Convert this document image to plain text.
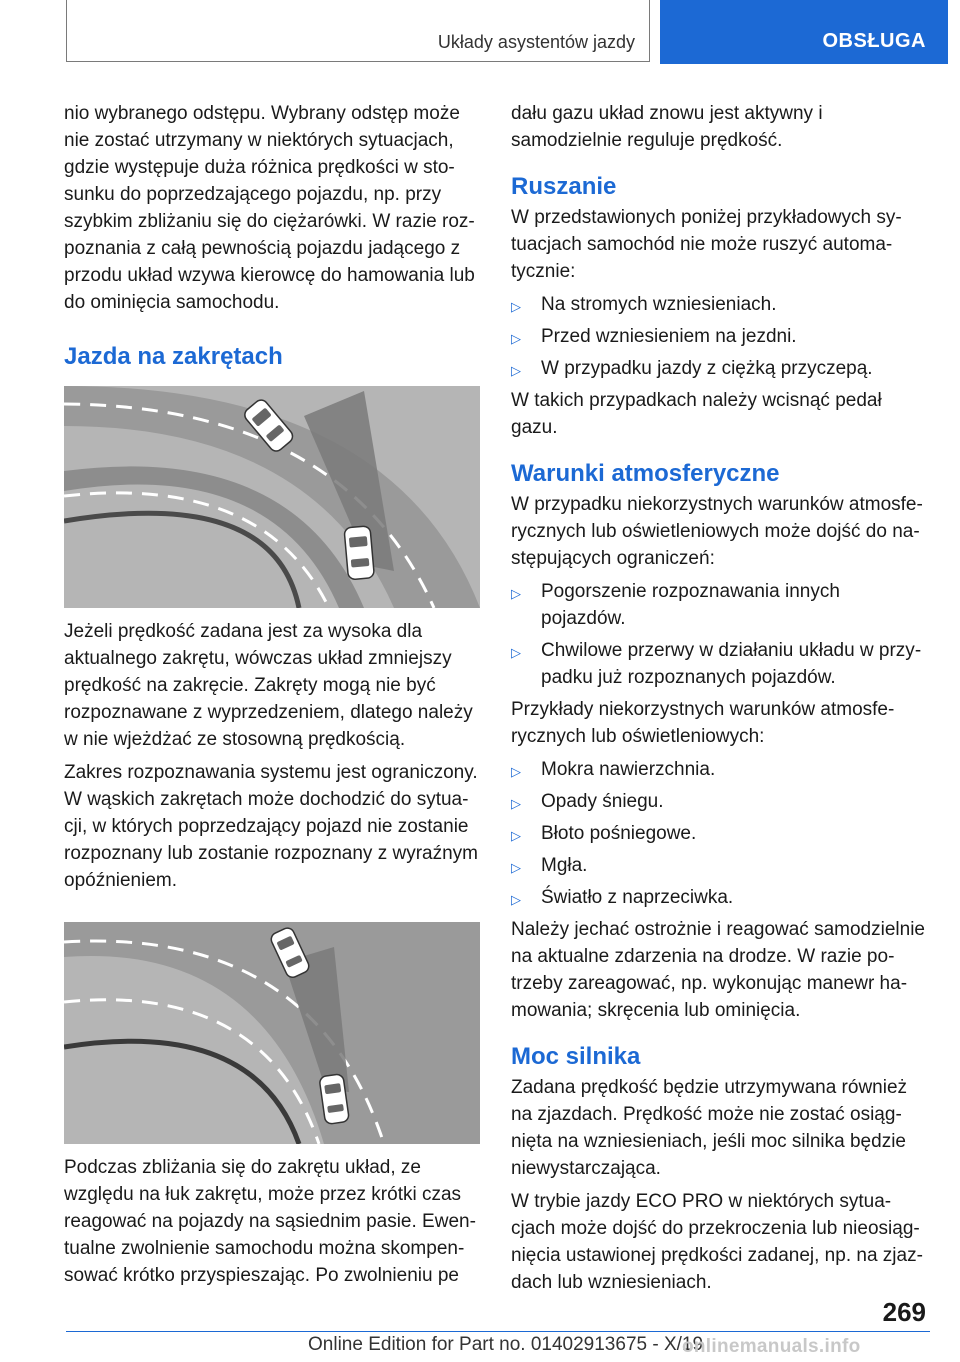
Układy asystentów jazdy	OBSŁUGA

nio wybranego odstępu. Wybrany odstęp może nie zostać utrzymany w niektórych sytuacjach, gdzie występuje duża różnica prędkości w stosunku do poprzedzającego pojazdu, np. przy szybkim zbliżaniu się do ciężarówki. W razie rozpoznania z całą pewnością pojazdu jadącego z przodu układ wzywa kierowcę do hamowania lub do ominięcia samochodu.

Jazda na zakrętach

Jeżeli prędkość zadana jest za wysoka dla aktualnego zakrętu, wówczas układ zmniejszy prędkość na zakręcie. Zakręty mogą nie być rozpoznawane z wyprzedzeniem, dlatego należy w nie wjeżdżać ze stosowną prędkością.

Zakres rozpoznawania systemu jest ograniczony. W wąskich zakrętach może dochodzić do sytuacji, w których poprzedzający pojazd nie zostanie rozpoznany lub zostanie rozpoznany z wyraźnym opóźnieniem.

Podczas zbliżania się do zakrętu układ, ze względu na łuk zakrętu, może przez krótki czas reagować na pojazdy na sąsiednim pasie. Ewentualne zwolnienie samochodu można skompensować krótko przyspieszając. Po zwolnieniu pe

dału gazu układ znowu jest aktywny i samodzielnie reguluje prędkość.

Ruszanie

W przedstawionych poniżej przykładowych sytuacjach samochód nie może ruszyć automatycznie:

▷ Na stromych wzniesieniach.
▷ Przed wzniesieniem na jezdni.
▷ W przypadku jazdy z ciężką przyczepą.

W takich przypadkach należy wcisnąć pedał gazu.

Warunki atmosferyczne

W przypadku niekorzystnych warunków atmosferycznych lub oświetleniowych może dojść do następujących ograniczeń:

▷ Pogorszenie rozpoznawania innych pojazdów.
▷ Chwilowe przerwy w działaniu układu w przypadku już rozpoznanych pojazdów.

Przykłady niekorzystnych warunków atmosferycznych lub oświetleniowych:

▷ Mokra nawierzchnia.
▷ Opady śniegu.
▷ Błoto pośniegowe.
▷ Mgła.
▷ Światło z naprzeciwka.

Należy jechać ostrożnie i reagować samodzielnie na aktualne zdarzenia na drodze. W razie potrzeby zareagować, np. wykonując manewr hamowania; skręcenia lub ominięcia.

Moc silnika

Zadana prędkość będzie utrzymywana również na zjazdach. Prędkość może nie zostać osiągnięta na wzniesieniach, jeśli moc silnika będzie niewystarczająca.

W trybie jazdy ECO PRO w niektórych sytuacjach może dojść do przekroczenia lub nieosiągnięcia ustawionej prędkości zadanej, np. na zjazdach lub wzniesieniach.

269
Online Edition for Part no. 01402913675 - X/19
onlinemanuals.info
